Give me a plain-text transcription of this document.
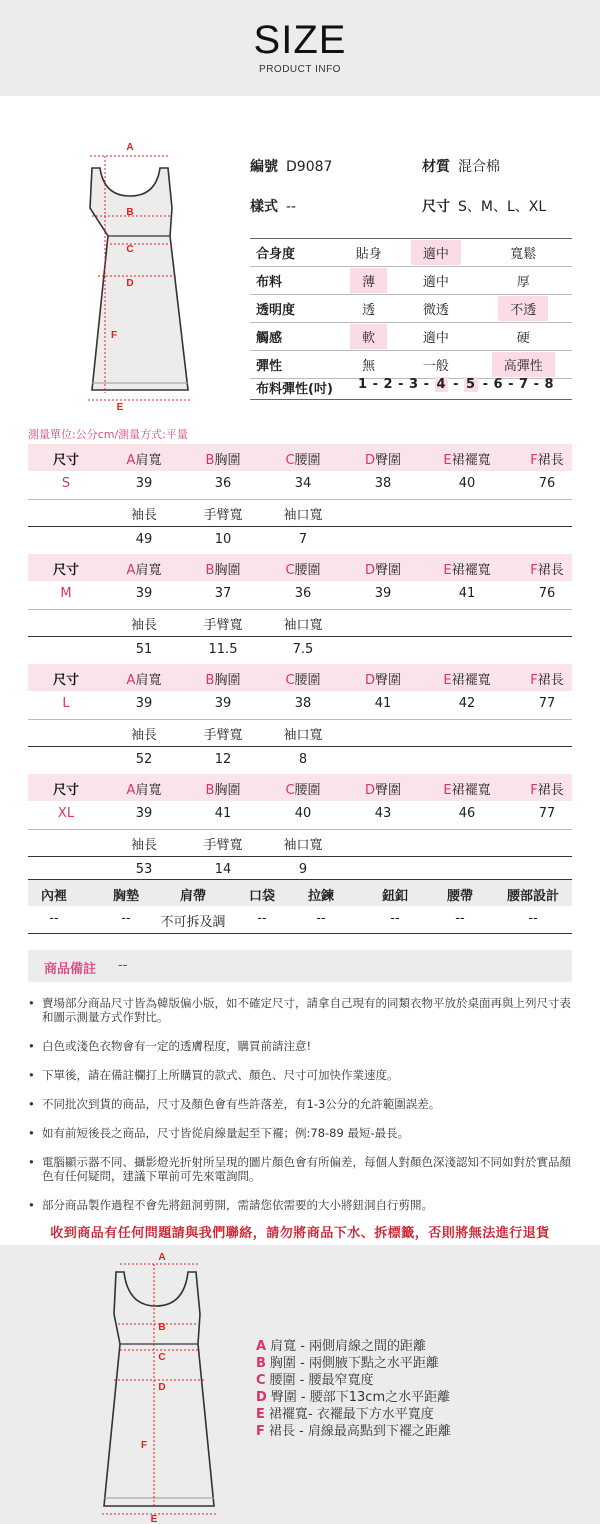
SIZE
PRODUCT INFO
A
B
C
D
E
F
編號 D9087	材質 混合棉
樣式 --	尺寸 S、M、L、XL
合身度	貼身	適中	寬鬆
布料	薄	適中	厚
透明度	透	微透	不透
觸感	軟	適中	硬
彈性	無	一般	高彈性
布料彈性(吋) 1 - 2 - 3 - 4 - 5 - 6 - 7 - 8
測量單位:公分cm/測量方式:平量
尺寸	A肩寬	B胸圍	C腰圍	D臀圍	E裙襬寬	F裙長
S	39	36	34	38	40	76
袖長	手臂寬	袖口寬
49	10	7
尺寸	A肩寬	B胸圍	C腰圍	D臀圍	E裙襬寬	F裙長
M	39	37	36	39	41	76
袖長	手臂寬	袖口寬
51	11.5	7.5
尺寸	A肩寬	B胸圍	C腰圍	D臀圍	E裙襬寬	F裙長
L	39	39	38	41	42	77
袖長	手臂寬	袖口寬
52	12	8
尺寸	A肩寬	B胸圍	C腰圍	D臀圍	E裙襬寬	F裙長
XL	39	41	40	43	46	77
袖長	手臂寬	袖口寬
53	14	9
內裡	胸墊	肩帶	口袋	拉鍊	鈕釦	腰帶	腰部設計
--	--	不可拆及調	--	--	--	--	--
商品備註 --
• 賣場部分商品尺寸皆為韓版偏小版，如不確定尺寸，請拿自己現有的同類衣物平放於桌面再與上列尺寸表和圖示測量方式作對比。
• 白色或淺色衣物會有一定的透膚程度，購買前請注意!
• 下單後，請在備註欄打上所購買的款式、顏色、尺寸可加快作業速度。
• 不同批次到貨的商品，尺寸及顏色會有些許落差，有1-3公分的允許範圍誤差。
• 如有前短後長之商品，尺寸皆從肩線量起至下襬；例:78-89 最短-最長。
• 電腦顯示器不同、攝影燈光折射所呈現的圖片顏色會有所偏差，每個人對顏色深淺認知不同如對於實品顏色有任何疑問，建議下單前可先來電詢問。
• 部分商品製作過程不會先將鈕洞剪開，需請您依需要的大小將鈕洞自行剪開。
收到商品有任何問題請與我們聯絡，請勿將商品下水、拆標籤，否則將無法進行退貨
A
B
C
D
E
F
A 肩寬 - 兩側肩線之間的距離
B 胸圍 - 兩側腋下點之水平距離
C 腰圍 - 腰最窄寬度
D 臀圍 - 腰部下13cm之水平距離
E 裙襬寬- 衣襬最下方水平寬度
F 裙長 - 肩線最高點到下襬之距離
